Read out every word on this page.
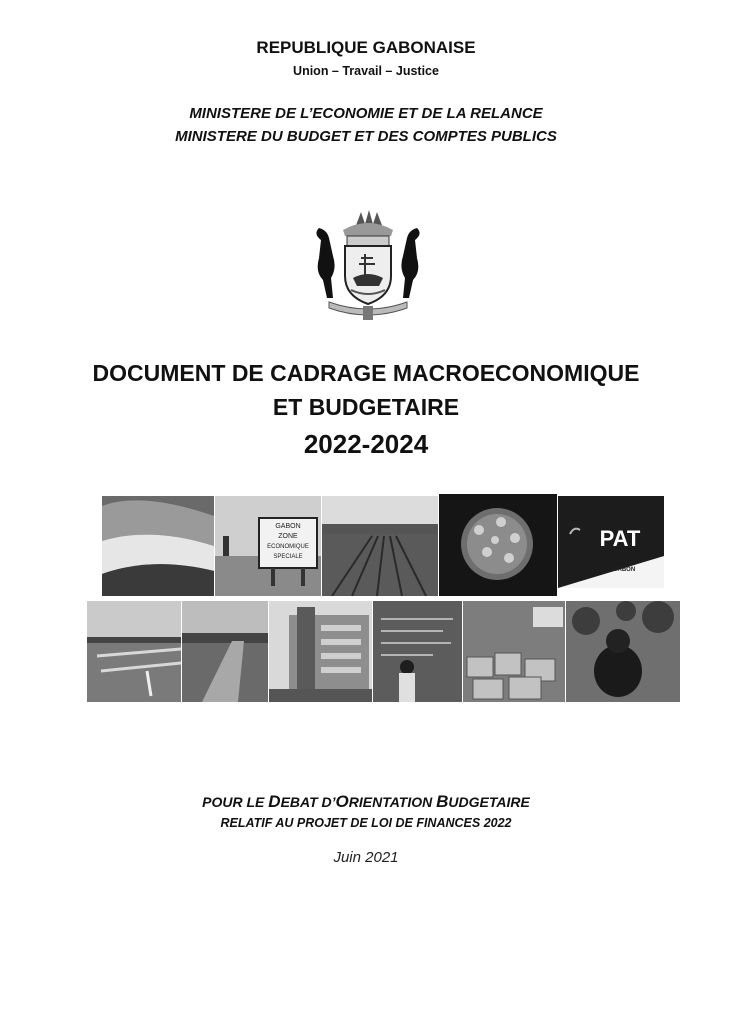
REPUBLIQUE GABONAISE
Union – Travail – Justice
MINISTERE DE L’ECONOMIE ET DE LA RELANCE
MINISTERE DU BUDGET ET DES COMPTES PUBLICS
DOCUMENT DE CADRAGE MACROECONOMIQUE
ET BUDGETAIRE
2022-2024
GABON
ZONE
ECONOMIQUE
SPECIALE
PAT
GABON
POUR LE DEBAT D’ORIENTATION BUDGETAIRE
RELATIF AU PROJET DE LOI DE FINANCES 2022
Juin 2021
